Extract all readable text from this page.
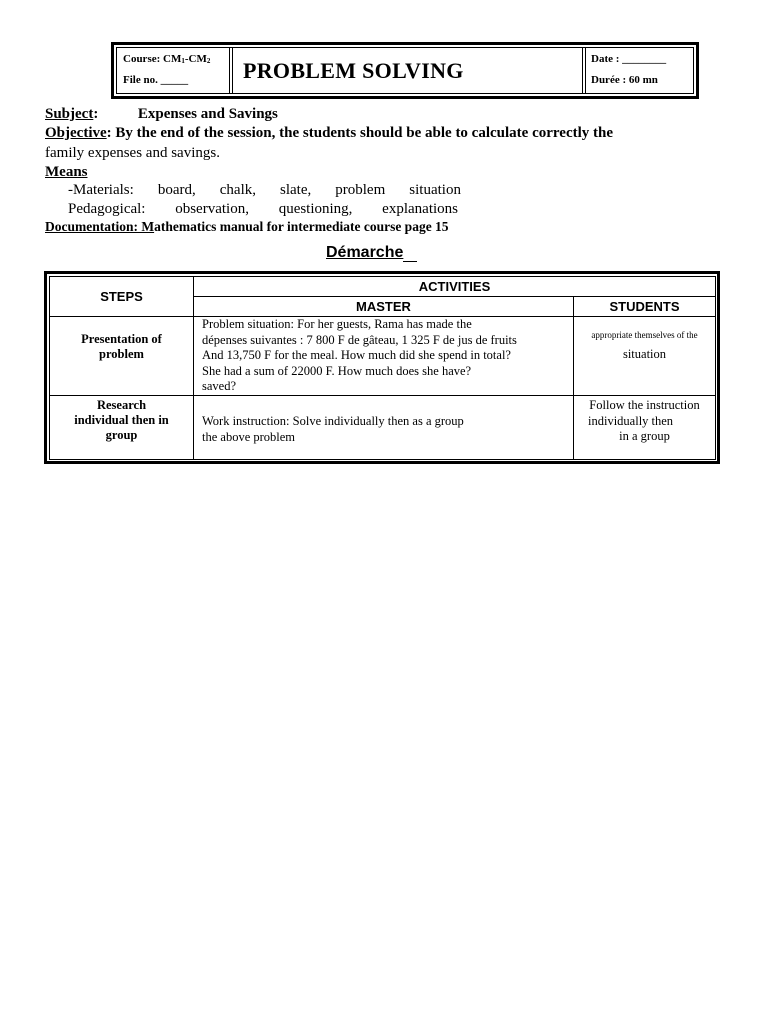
Course: $CM_1-CM_2$
File no. _____ PROBLEM SOLVING	Date : ________
Durée : 60 mn
Subject:	Expenses and Savings
Objective: By the end of the session, the students should be able to calculate correctly the
family expenses and savings.
Means
-Materials: board, chalk, slate, problem situation
Pedagogical: observation, questioning, explanations
Documentation: Mathematics manual for intermediate course page 15
Démarche
STEPS	ACTIVITIES	
	MASTER	STUDENTS

Presentation of
problem	Problem situation: For her guests, Rama has made the
dépenses suivantes : 7 800 F de gâteau, 1 325 F de jus de fruits
And 13,750 F for the meal. How much did she spend in total?
She had a sum of 22000 F. How much does she have?
saved?	appropriate themselves of the
situation

Research
individual then in
group	Work instruction: Solve individually then as a group
the above problem	Follow the instruction
individually then
in a group
